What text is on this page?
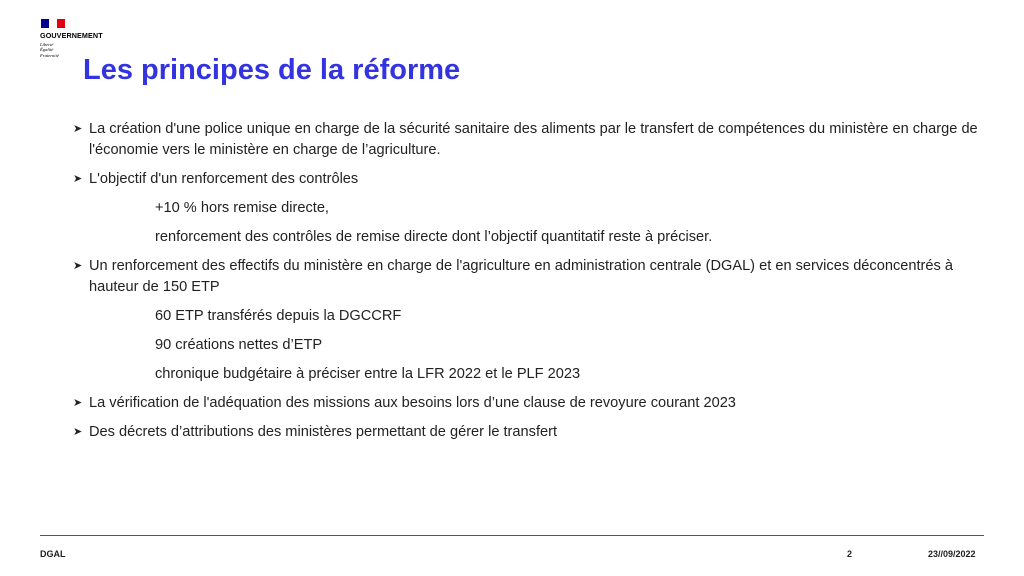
GOUVERNEMENT
Liberté
Égalité
Fraternité Les principes de la réforme
➤ La création d'une police unique en charge de la sécurité sanitaire des aliments par le transfert de compétences du ministère en charge de l'économie vers le ministère en charge de l’agriculture.
➤ L'objectif d'un renforcement des contrôles
+10 % hors remise directe,
renforcement des contrôles de remise directe dont l’objectif quantitatif reste à préciser.
➤ Un renforcement des effectifs du ministère en charge de l'agriculture en administration centrale (DGAL) et en services déconcentrés à hauteur de 150 ETP
60 ETP transférés depuis la DGCCRF
90 créations nettes d’ETP
chronique budgétaire à préciser entre la LFR 2022 et le PLF 2023
➤ La vérification de l'adéquation des missions aux besoins lors d’une clause de revoyure courant 2023
➤ Des décrets d’attributions des ministères permettant de gérer le transfert
DGAL	2	23//09/2022
